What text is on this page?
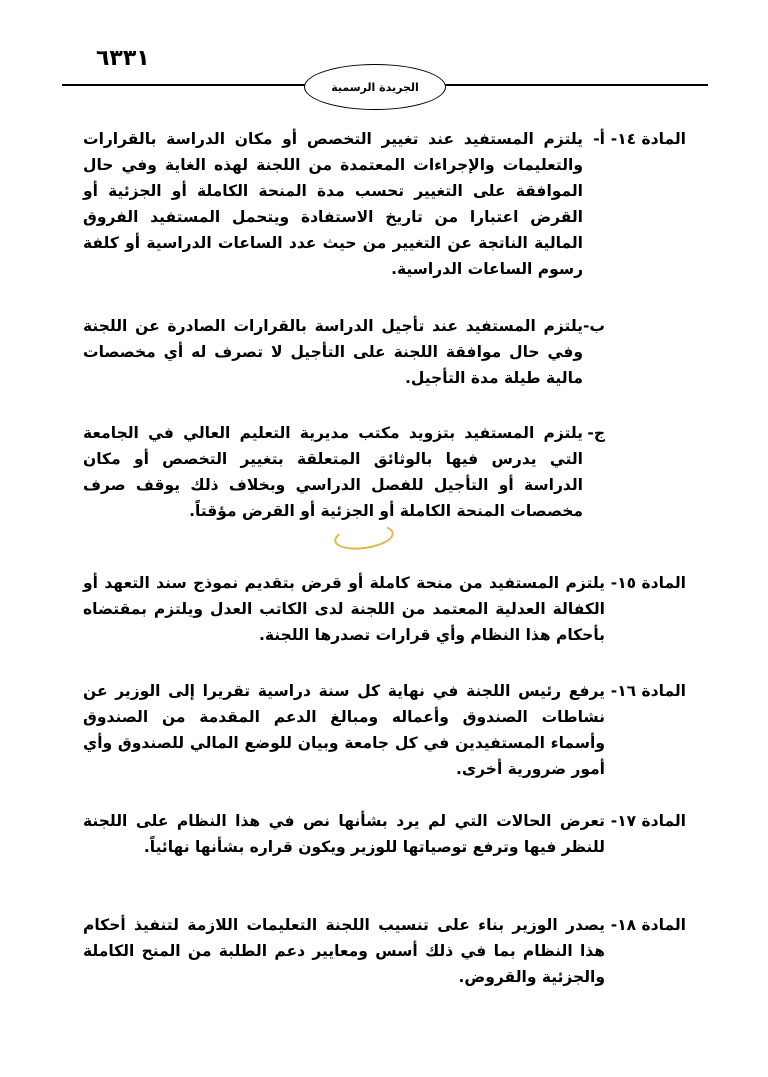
٦٣٣١
الجريدة الرسمية
المادة ١٤-
أ-
يلتزم المستفيد عند تغيير التخصص أو مكان الدراسة بالقرارات والتعليمات والإجراءات المعتمدة من اللجنة لهذه الغاية وفي حال الموافقة على التغيير تحسب مدة المنحة الكاملة أو الجزئية أو القرض اعتبارا من تاريخ الاستفادة ويتحمل المستفيد الفروق المالية الناتجة عن التغيير من حيث عدد الساعات الدراسية أو كلفة رسوم الساعات الدراسية.
ب-
يلتزم المستفيد عند تأجيل الدراسة بالقرارات الصادرة عن اللجنة وفي حال موافقة اللجنة على التأجيل لا تصرف له أي مخصصات مالية طيلة مدة التأجيل.
ج-
يلتزم المستفيد بتزويد مكتب مديرية التعليم العالي في الجامعة التي يدرس فيها بالوثائق المتعلقة بتغيير التخصص أو مكان الدراسة أو التأجيل للفصل الدراسي وبخلاف ذلك يوقف صرف مخصصات المنحة الكاملة أو الجزئية أو القرض مؤقتاً.
المادة ١٥-
يلتزم المستفيد من منحة كاملة أو قرض بتقديم نموذج سند التعهد أو الكفالة العدلية المعتمد من اللجنة لدى الكاتب العدل ويلتزم بمقتضاه بأحكام هذا النظام وأي قرارات تصدرها اللجنة.
المادة ١٦-
يرفع رئيس اللجنة في نهاية كل سنة دراسية تقريرا إلى الوزير عن نشاطات الصندوق وأعماله ومبالغ الدعم المقدمة من الصندوق وأسماء المستفيدين في كل جامعة وبيان للوضع المالي للصندوق وأي أمور ضرورية أخرى.
المادة ١٧-
تعرض الحالات التي لم يرد بشأنها نص في هذا النظام على اللجنة للنظر فيها وترفع توصياتها للوزير ويكون قراره بشأنها نهائياً.
المادة ١٨-
يصدر الوزير بناء على تنسيب اللجنة التعليمات اللازمة لتنفيذ أحكام هذا النظام بما في ذلك أسس ومعايير دعم الطلبة من المنح الكاملة والجزئية والقروض.
